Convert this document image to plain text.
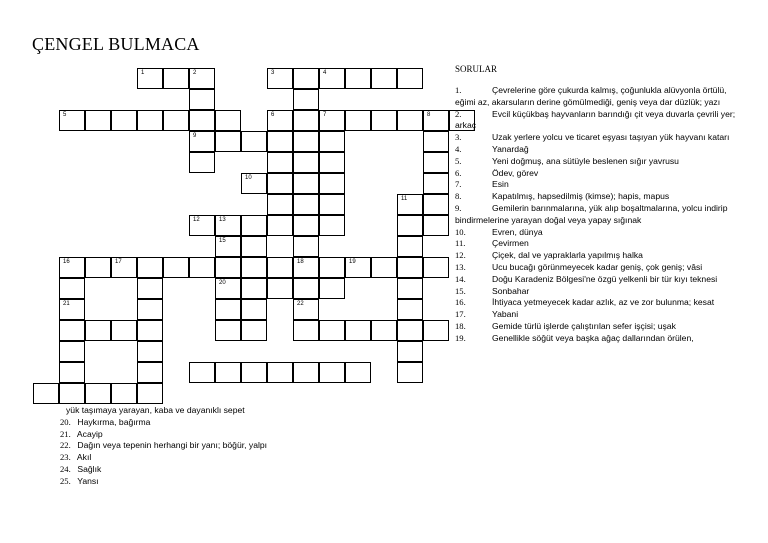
ÇENGEL BULMACA
1	2	3	4
5	6	7	8
9
10
12	13
16	17	18	19
20
22
11
21
15
SORULAR
1.	Çevrelerine göre çukurda kalmış, çoğunlukla alüvyonla örtülü, eğimi az, akarsuların derine gömülmediği, geniş veya dar düzlük; yazı
2.	Evcil küçükbaş hayvanların barındığı çit veya duvarla çevrili yer; arkaç
3.	Uzak yerlere yolcu ve ticaret eşyası taşıyan yük hayvanı katarı
4.	Yanardağ
5.	Yeni doğmuş, ana sütüyle beslenen sığır yavrusu
6.	Ödev, görev
7.	Esin
8.	Kapatılmış, hapsedilmiş (kimse); hapis, mapus
9.	Gemilerin barınmalarına, yük alıp boşaltmalarına, yolcu indirip bindirmelerine yarayan doğal veya yapay sığınak
10.	Evren, dünya
11.	Çevirmen
12.	Çiçek, dal ve yapraklarla yapılmış halka
13.	Ucu bucağı görünmeyecek kadar geniş, çok geniş; vâsi
14.	Doğu Karadeniz Bölgesi'ne özgü yelkenli bir tür kıyı teknesi
15.	Sonbahar
16.	İhtiyaca yetmeyecek kadar azlık, az ve zor bulunma; kesat
17.	Yabani
18.	Gemide türlü işlerde çalıştırılan sefer işçisi; uşak
19.	Genellikle söğüt veya başka ağaç dallarından örülen,
yük taşımaya yarayan, kaba ve dayanıklı sepet
20. Haykırma, bağırma
21. Acayip
22. Dağın veya tepenin herhangi bir yanı; böğür, yalpı
23. Akıl
24. Sağlık
25. Yansı
